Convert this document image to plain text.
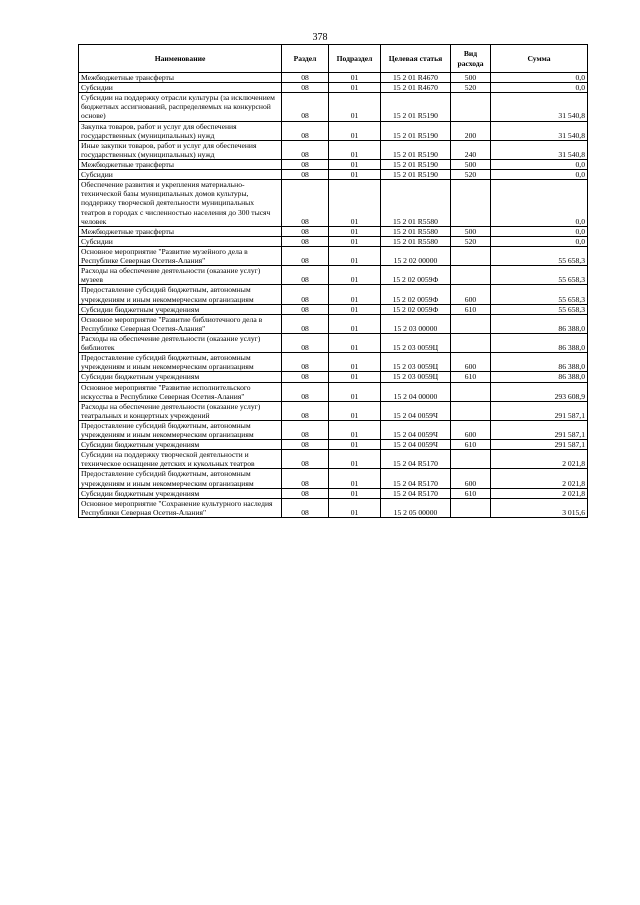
378
Наименование	Раздел	Подраздел	Целевая статья	Вид расхода	Сумма
Межбюджетные трансферты	08	01	15 2 01 R4670	500	0,0
Субсидии	08	01	15 2 01 R4670	520	0,0
Субсидии на поддержку отрасли культуры (за исключением бюджетных ассигнований, распределяемых на конкурсной основе)	08	01	15 2 01 R5190		31 540,8
Закупка товаров, работ и услуг для обеспечения государственных (муниципальных) нужд	08	01	15 2 01 R5190	200	31 540,8
Иные закупки товаров, работ и услуг для обеспечения государственных (муниципальных) нужд	08	01	15 2 01 R5190	240	31 540,8
Межбюджетные трансферты	08	01	15 2 01 R5190	500	0,0
Субсидии	08	01	15 2 01 R5190	520	0,0
Обеспечение развития и укрепления материально-технической базы муниципальных домов культуры, поддержку творческой деятельности муниципальных театров в городах с численностью населения до 300 тысяч человек	08	01	15 2 01 R5580		0,0
Межбюджетные трансферты	08	01	15 2 01 R5580	500	0,0
Субсидии	08	01	15 2 01 R5580	520	0,0
Основное мероприятие "Развитие музейного дела в Республике Северная Осетия-Алания"	08	01	15 2 02 00000		55 658,3
Расходы на обеспечение деятельности (оказание услуг) музеев	08	01	15 2 02 0059Ф		55 658,3
Предоставление субсидий бюджетным, автономным учреждениям и иным некоммерческим организациям	08	01	15 2 02 0059Ф	600	55 658,3
Субсидии бюджетным учреждениям	08	01	15 2 02 0059Ф	610	55 658,3
Основное мероприятие "Развитие библиотечного дела в Республике Северная Осетия-Алания"	08	01	15 2 03 00000		86 388,0
Расходы на обеспечение деятельности (оказание услуг) библиотек	08	01	15 2 03 0059Ц		86 388,0
Предоставление субсидий бюджетным, автономным учреждениям и иным некоммерческим организациям	08	01	15 2 03 0059Ц	600	86 388,0
Субсидии бюджетным учреждениям	08	01	15 2 03 0059Ц	610	86 388,0
Основное мероприятие "Развитие исполнительского искусства в Республике Северная Осетия-Алания"	08	01	15 2 04 00000		293 608,9
Расходы на обеспечение деятельности (оказание услуг) театральных и концертных учреждений	08	01	15 2 04 0059Ч		291 587,1
Предоставление субсидий бюджетным, автономным учреждениям и иным некоммерческим организациям	08	01	15 2 04 0059Ч	600	291 587,1
Субсидии бюджетным учреждениям	08	01	15 2 04 0059Ч	610	291 587,1
Субсидии на поддержку творческой деятельности и техническое оснащение детских и кукольных театров	08	01	15 2 04 R5170		2 021,8
Предоставление субсидий бюджетным, автономным учреждениям и иным некоммерческим организациям	08	01	15 2 04 R5170	600	2 021,8
Субсидии бюджетным учреждениям	08	01	15 2 04 R5170	610	2 021,8
Основное мероприятие "Сохранение культурного наследия Республики Северная Осетия-Алания"	08	01	15 2 05 00000		3 015,6
